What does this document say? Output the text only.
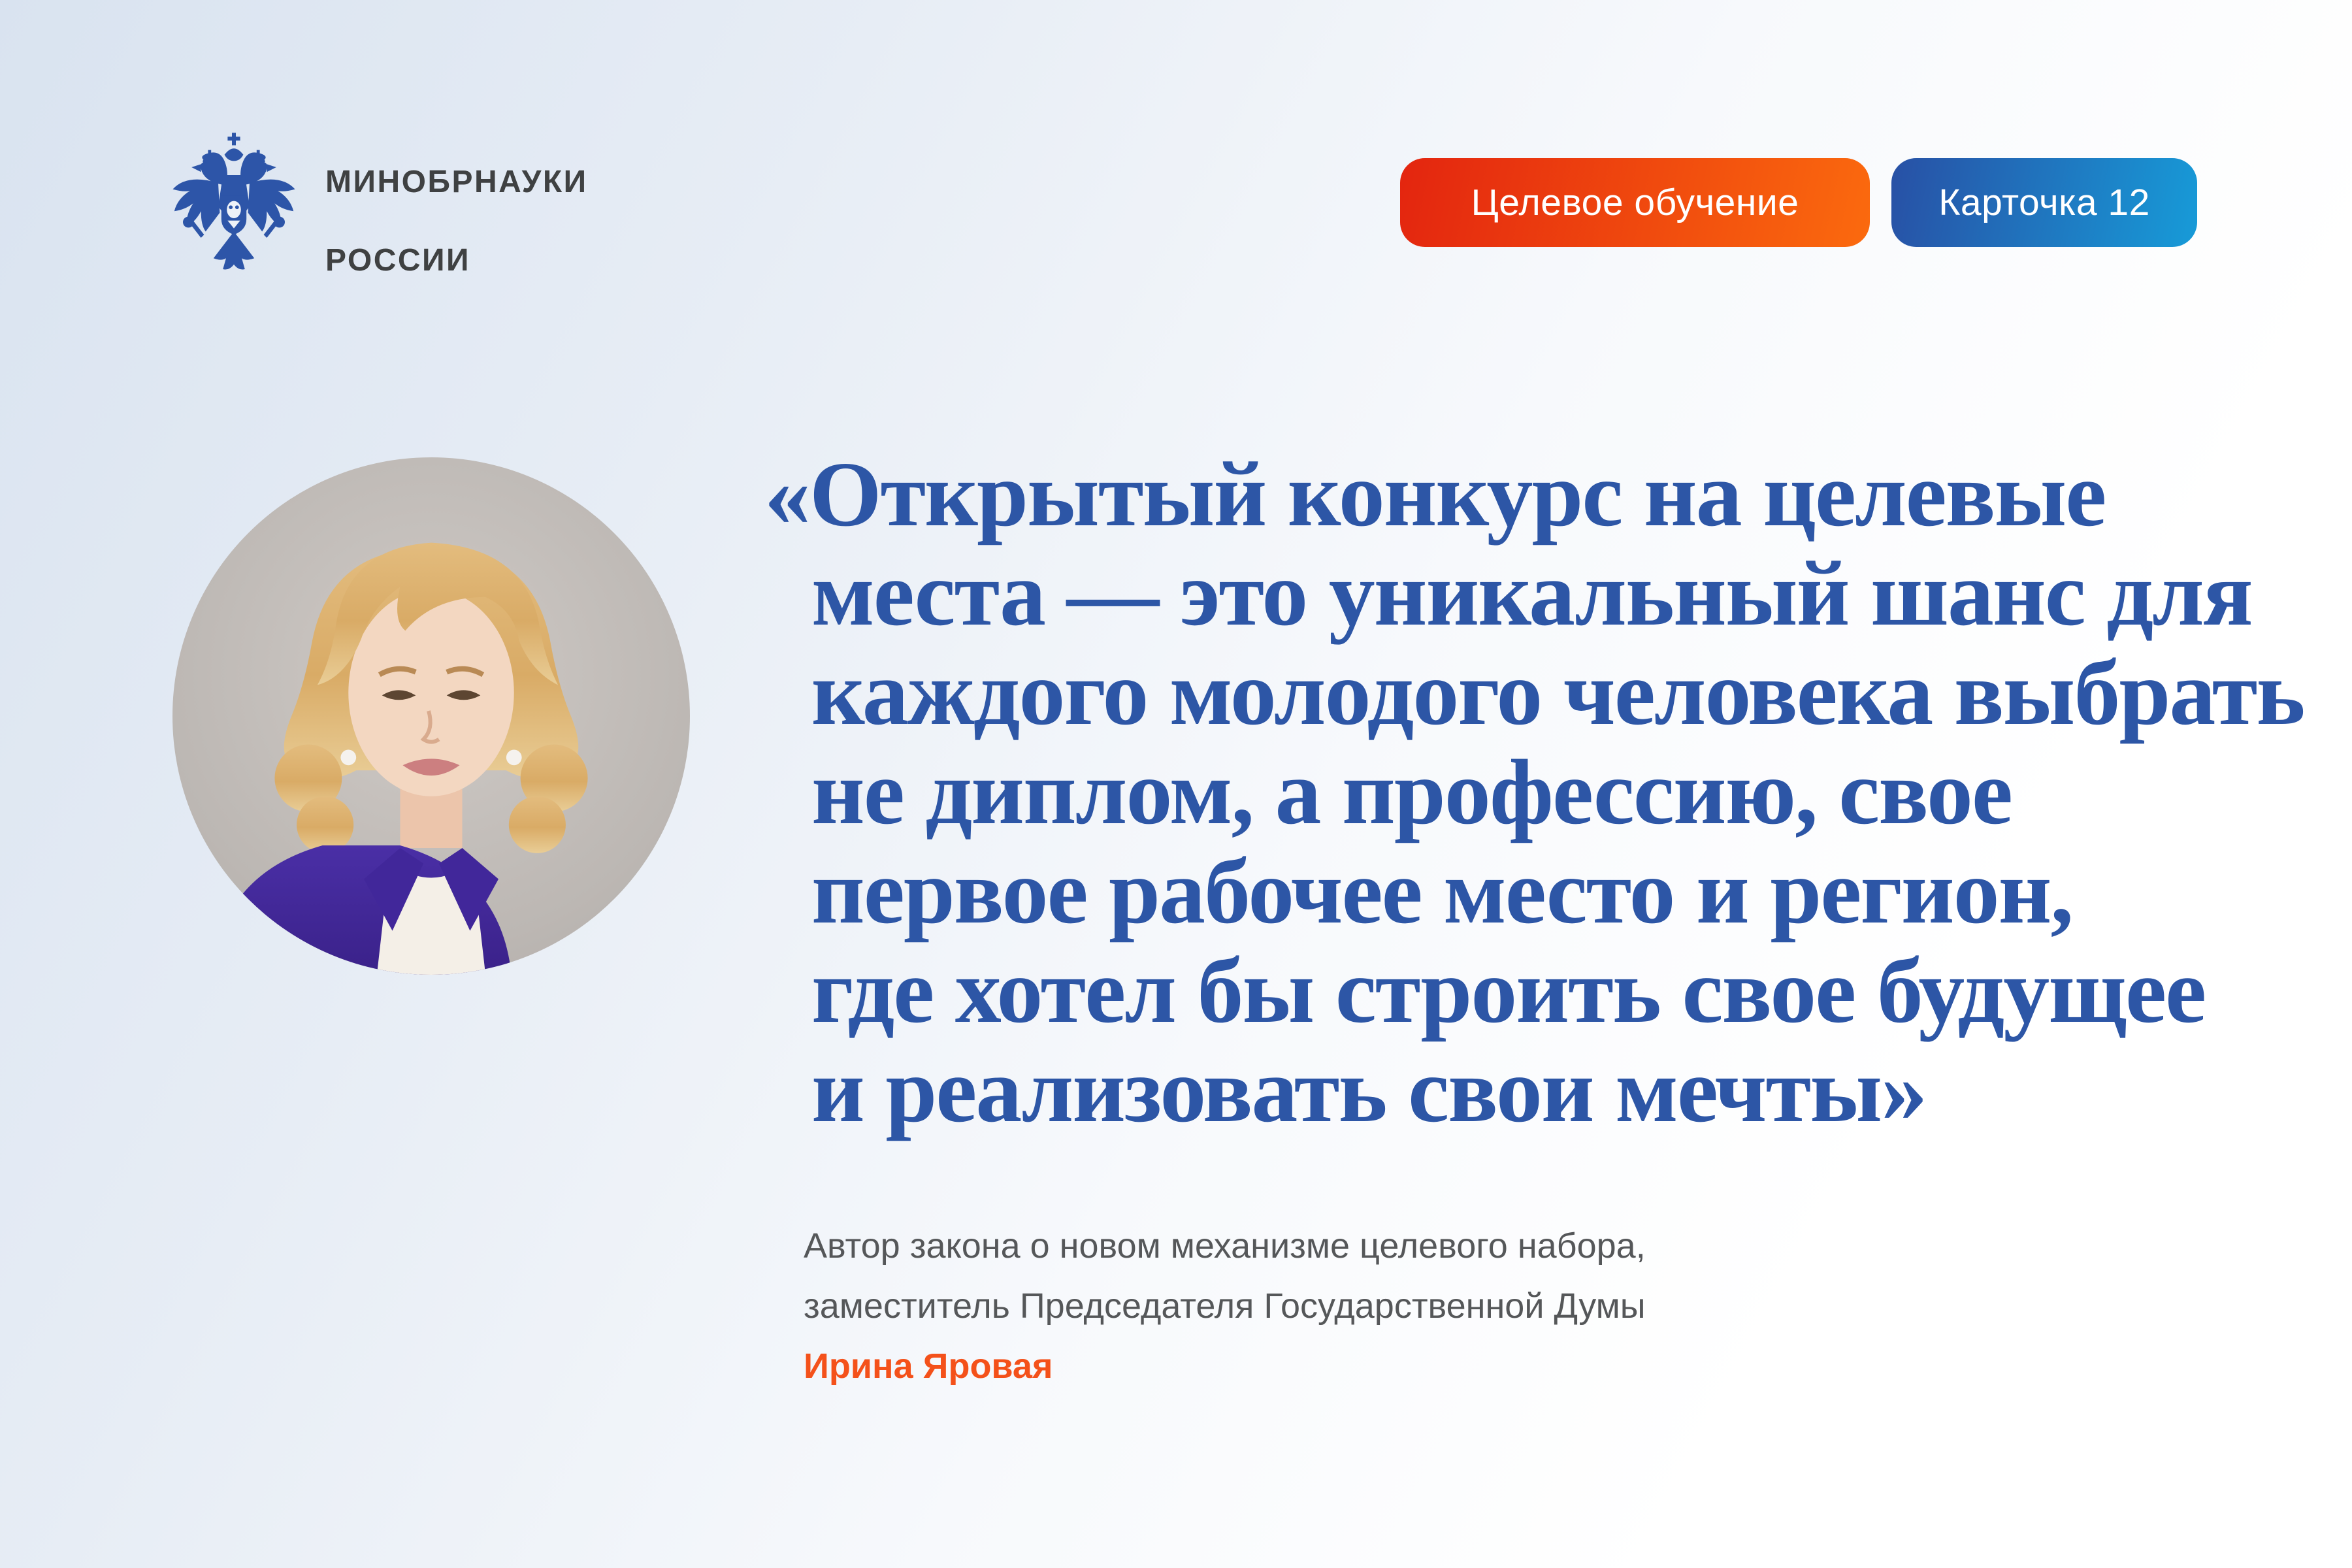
МИНОБРНАУКИ

РОССИИ

Целевое обучение	Карточка 12
«Открытый конкурс на целевые
места — это уникальный шанс для
каждого молодого человека выбрать
не диплом, а профессию, свое
первое рабочее место и регион,
где хотел бы строить свое будущее
и реализовать свои мечты»
Автор закона о новом механизме целевого набора,
заместитель Председателя Государственной Думы
Ирина Яровая
